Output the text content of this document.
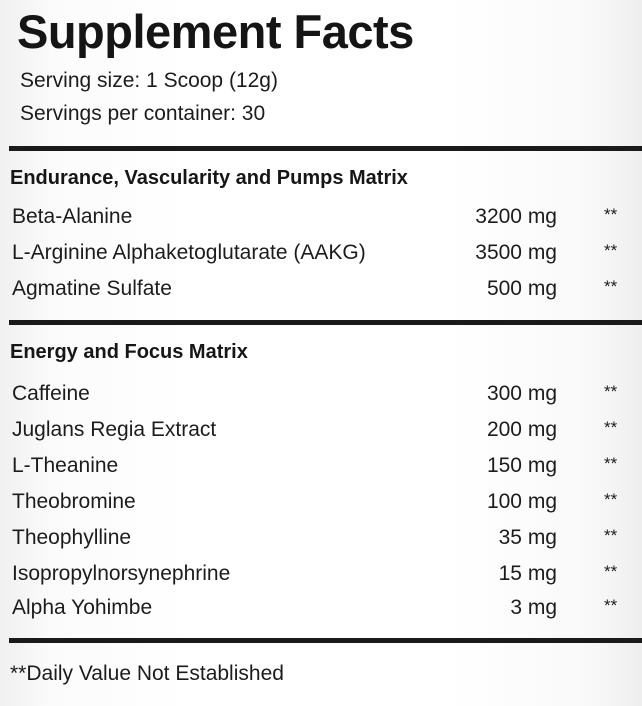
Supplement Facts
Serving size: 1 Scoop (12g)
Servings per container: 30
Endurance, Vascularity and Pumps Matrix
Beta-Alanine	3200 mg	**
L-Arginine Alphaketoglutarate (AAKG)	3500 mg	**
Agmatine Sulfate	500 mg	**
Energy and Focus Matrix
Caffeine	300 mg	**
Juglans Regia Extract	200 mg	**
L-Theanine	150 mg	**
Theobromine	100 mg	**
Theophylline	35 mg	**
Isopropylnorsynephrine	15 mg	**
Alpha Yohimbe	3 mg	**
**Daily Value Not Established
